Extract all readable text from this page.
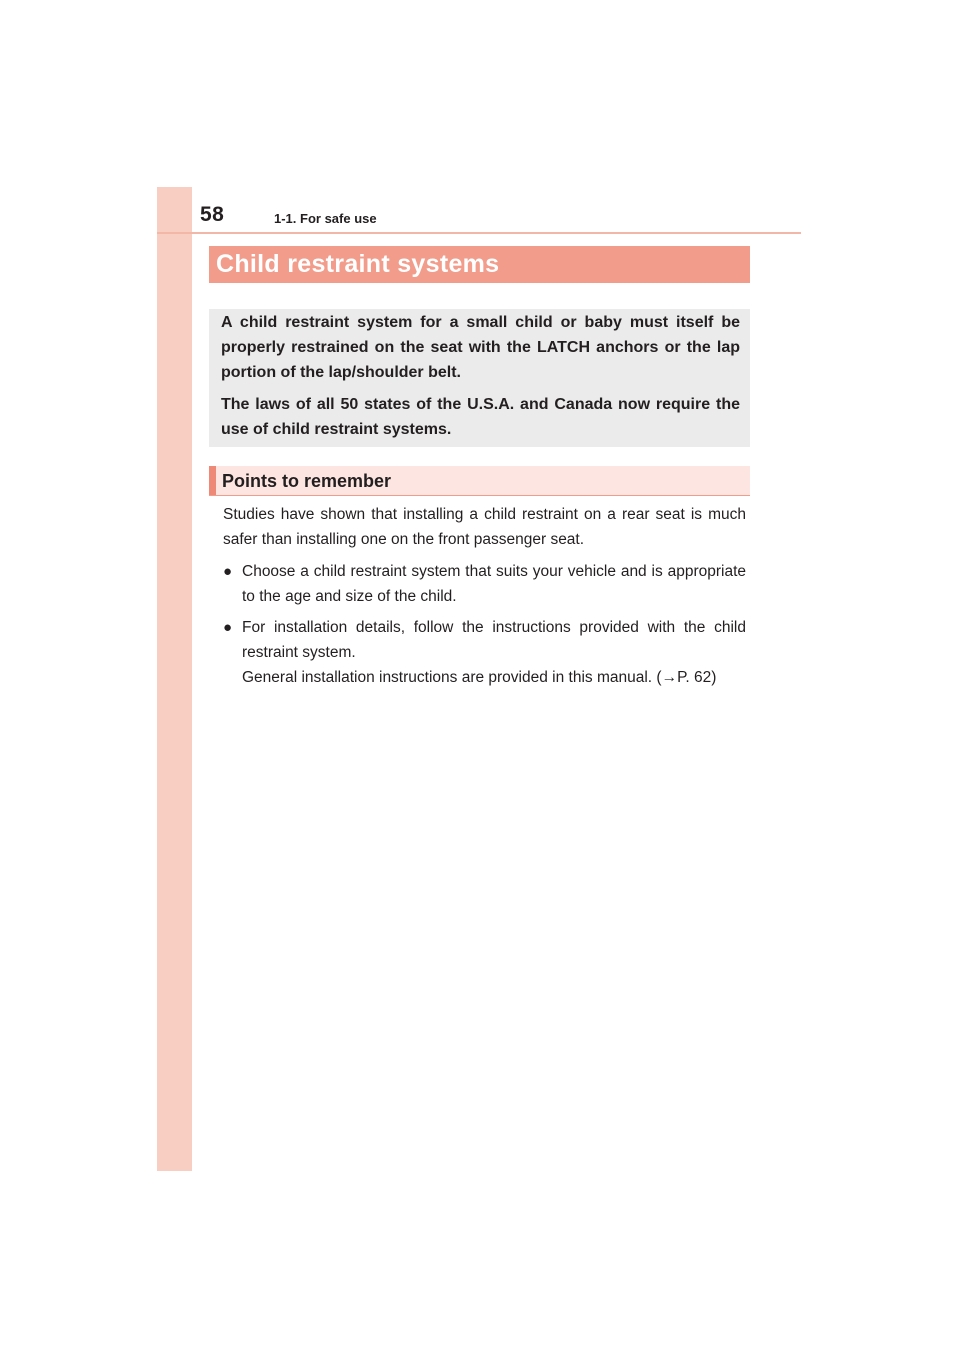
58	1-1. For safe use
Child restraint systems

A child restraint system for a small child or baby must itself be properly restrained on the seat with the LATCH anchors or the lap portion of the lap/shoulder belt.

The laws of all 50 states of the U.S.A. and Canada now require the use of child restraint systems.

Points to remember
Studies have shown that installing a child restraint on a rear seat is much safer than installing one on the front passenger seat.
● Choose a child restraint system that suits your vehicle and is appropriate to the age and size of the child.
● For installation details, follow the instructions provided with the child restraint system.
General installation instructions are provided in this manual. (→P. 62)
